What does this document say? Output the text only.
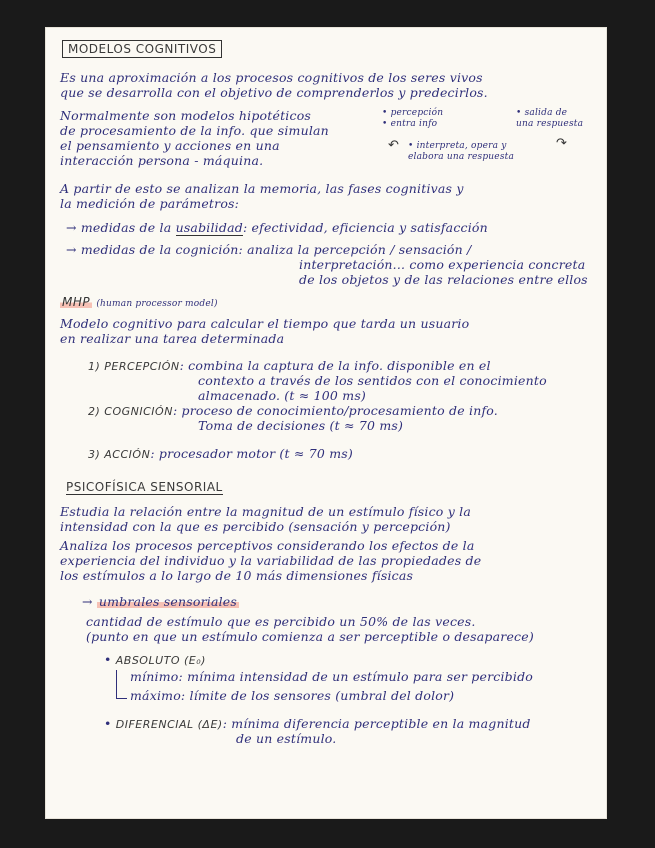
MODELOS COGNITIVOS
Es una aproximación a los procesos cognitivos de los seres vivos
que se desarrolla con el objetivo de comprenderlos y predecirlos.
Normalmente son modelos hipotéticos
de procesamiento de la info. que simulan
el pensamiento y acciones en una
interacción persona - máquina.
• percepción
• entra info
• salida de
una respuesta
↶	↷
• interpreta, opera y
elabora una respuesta
A partir de esto se analizan la memoria, las fases cognitivas y
la medición de parámetros:
→ medidas de la usabilidad: efectividad, eficiencia y satisfacción
→ medidas de la cognición: analiza la percepción / sensación /
interpretación... como experiencia concreta
de los objetos y de las relaciones entre ellos
MHP (human processor model)
Modelo cognitivo para calcular el tiempo que tarda un usuario
en realizar una tarea determinada
1) PERCEPCIÓN: combina la captura de la info. disponible en el
contexto a través de los sentidos con el conocimiento
almacenado. (t ≈ 100 ms)
2) COGNICIÓN: proceso de conocimiento/procesamiento de info.
Toma de decisiones (t ≈ 70 ms)
3) ACCIÓN: procesador motor (t ≈ 70 ms)
PSICOFÍSICA SENSORIAL
Estudia la relación entre la magnitud de un estímulo físico y la
intensidad con la que es percibido (sensación y percepción)
Analiza los procesos perceptivos considerando los efectos de la
experiencia del individuo y la variabilidad de las propiedades de
los estímulos a lo largo de 10 más dimensiones físicas
→ umbrales sensoriales
cantidad de estímulo que es percibido un 50% de las veces.
(punto en que un estímulo comienza a ser perceptible o desaparece)
• ABSOLUTO (E₀)
mínimo: mínima intensidad de un estímulo para ser percibido
máximo: límite de los sensores (umbral del dolor)
• DIFERENCIAL (ΔE): mínima diferencia perceptible en la magnitud
de un estímulo.
